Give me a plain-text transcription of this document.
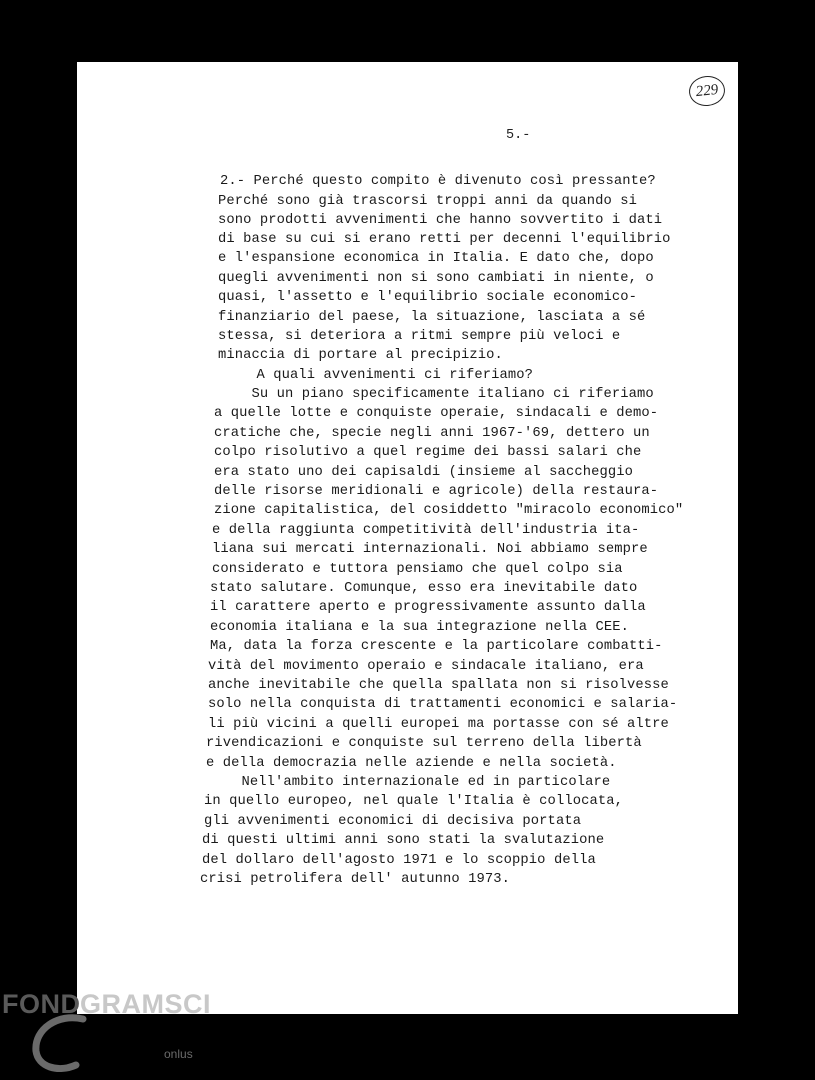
229
5.-
2.- Perché questo compito è divenuto così pressante?
Perché sono già trascorsi troppi anni da quando si
sono prodotti avvenimenti che hanno sovvertito i dati
di base su cui si erano retti per decenni l'equilibrio
e l'espansione economica in Italia. E dato che, dopo
quegli avvenimenti non si sono cambiati in niente, o
quasi, l'assetto e l'equilibrio sociale economico-
finanziario del paese, la situazione, lasciata a sé
stessa, si deteriora a ritmi sempre più veloci e
minaccia di portare al precipizio.
A quali avvenimenti ci riferiamo?
Su un piano specificamente italiano ci riferiamo
a quelle lotte e conquiste operaie, sindacali e demo-
cratiche che, specie negli anni 1967-'69, dettero un
colpo risolutivo a quel regime dei bassi salari che
era stato uno dei capisaldi (insieme al saccheggio
delle risorse meridionali e agricole) della restaura-
zione capitalistica, del cosiddetto "miracolo economico"
e della raggiunta competitività dell'industria ita-
liana sui mercati internazionali. Noi abbiamo sempre
considerato e tuttora pensiamo che quel colpo sia
stato salutare. Comunque, esso era inevitabile dato
il carattere aperto e progressivamente assunto dalla
economia italiana e la sua integrazione nella CEE.
Ma, data la forza crescente e la particolare combatti-
vità del movimento operaio e sindacale italiano, era
anche inevitabile che quella spallata non si risolvesse
solo nella conquista di trattamenti economici e salaria-
li più vicini a quelli europei ma portasse con sé altre
rivendicazioni e conquiste sul terreno della libertà
e della democrazia nelle aziende e nella società.
Nell'ambito internazionale ed in particolare
in quello europeo, nel quale l'Italia è collocata,
gli avvenimenti economici di decisiva portata
di questi ultimi anni sono stati la svalutazione
del dollaro dell'agosto 1971 e lo scoppio della
crisi petrolifera dell' autunno 1973.
FOND GRAMSCI
onlus
